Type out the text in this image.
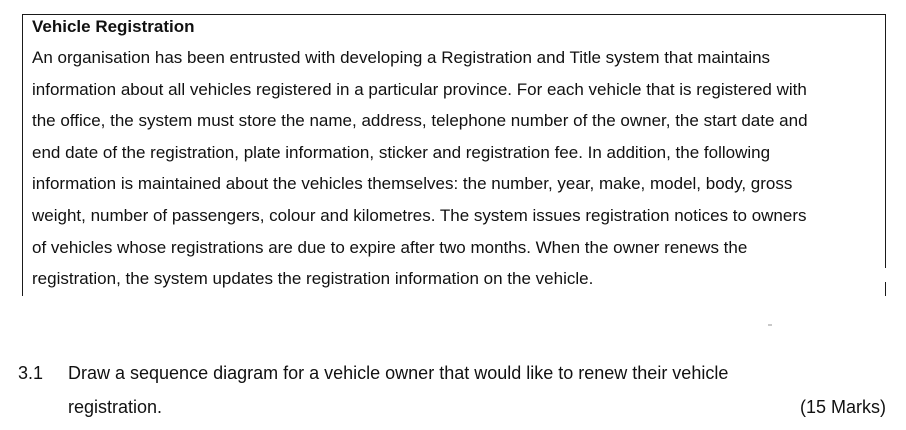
Vehicle Registration

An organisation has been entrusted with developing a Registration and Title system that maintains
information about all vehicles registered in a particular province. For each vehicle that is registered with
the office, the system must store the name, address, telephone number of the owner, the start date and
end date of the registration, plate information, sticker and registration fee. In addition, the following
information is maintained about the vehicles themselves: the number, year, make, model, body, gross
weight, number of passengers, colour and kilometres. The system issues registration notices to owners
of vehicles whose registrations are due to expire after two months. When the owner renews the
registration, the system updates the registration information on the vehicle.

3.1 Draw a sequence diagram for a vehicle owner that would like to renew their vehicle
registration.	(15 Marks)
